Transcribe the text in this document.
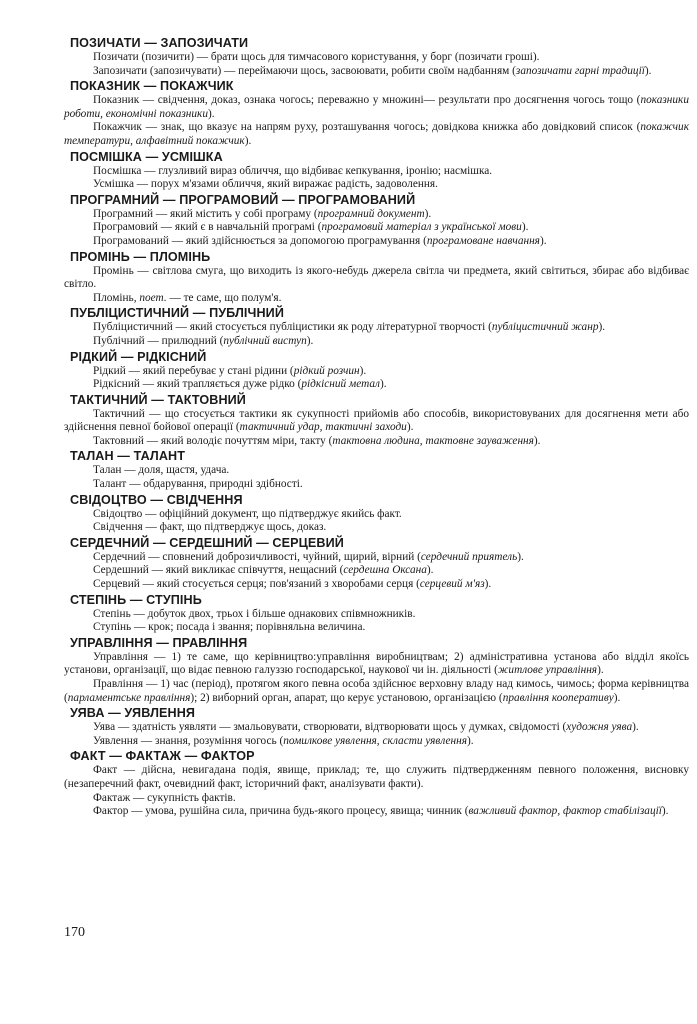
ПОЗИЧАТИ — ЗАПОЗИЧАТИ

Позичати (позичити) — брати щось для тимчасового користування, у борг (позичати гроші).

Запозичати (запозичувати) — переймаючи щось, засвоювати, робити своїм надбанням (запозичати гарні традиції).

ПОКАЗНИК — ПОКАЖЧИК

Показник — свідчення, доказ, ознака чогось; переважно у множині— результати про досягнення чогось тощо (показники роботи, економічні показники).

Покажчик — знак, що вказує на напрям руху, розташування чогось; довідкова книжка або довідковий список (покажчик температури, алфавітний покажчик).

ПОСМІШКА — УСМІШКА

Посмішка — глузливий вираз обличчя, що відбиває кепкування, іронію; насмішка.

Усмішка — порух м'язами обличчя, який виражає радість, задоволення.

ПРОГРАМНИЙ — ПРОГРАМОВИЙ — ПРОГРАМОВАНИЙ

Програмний — який містить у собі програму (програмний документ).

Програмовий — який є в навчальній програмі (програмовий матеріал з української мови).

Програмований — який здійснюється за допомогою програмування (програмоване навчання).

ПРОМІНЬ — ПЛОМІНЬ

Промінь — світлова смуга, що виходить із якого-небудь джерела світла чи предмета, який світиться, збирає або відбиває світло.

Пломінь, поет. — те саме, що полум'я.

ПУБЛІЦИСТИЧНИЙ — ПУБЛІЧНИЙ

Публіцистичний — який стосується публіцистики як роду літературної творчості (публіцистичний жанр).

Публічний — прилюдний (публічний виступ).

РІДКИЙ — РІДКІСНИЙ

Рідкий — який перебуває у стані рідини (рідкий розчин).

Рідкісний — який трапляється дуже рідко (рідкісний метал).

ТАКТИЧНИЙ — ТАКТОВНИЙ

Тактичний — що стосується тактики як сукупності прийомів або способів, використовуваних для досягнення мети або здійснення певної бойової операції (тактичний удар, тактичні заходи).

Тактовний — який володіє почуттям міри, такту (тактовна людина, тактовне зауваження).

ТАЛАН — ТАЛАНТ

Талан — доля, щастя, удача.

Талант — обдарування, природні здібності.

СВІДОЦТВО — СВІДЧЕННЯ

Свідоцтво — офіційний документ, що підтверджує якийсь факт.

Свідчення — факт, що підтверджує щось, доказ.

СЕРДЕЧНИЙ — СЕРДЕШНИЙ — СЕРЦЕВИЙ

Сердечний — сповнений доброзичливості, чуйний, щирий, вірний (сердечний приятель).

Сердешний — який викликає співчуття, нещасний (сердешна Оксана).

Серцевий — який стосується серця; пов'язаний з хворобами серця (серцевий м'яз).

СТЕПІНЬ — СТУПІНЬ

Степінь — добуток двох, трьох і більше однакових співмножників.

Ступінь — крок; посада і звання; порівняльна величина.

УПРАВЛІННЯ — ПРАВЛІННЯ

Управління — 1) те саме, що керівництво:управління виробництвам; 2) адміністративна установа або відділ якоїсь установи, організації, що відає певною галуззю господарської, наукової чи ін. діяльності (житлове управління).

Правління — 1) час (період), протягом якого певна особа здійснює верховну владу над кимось, чимось; форма керівництва (парламентське правління); 2) виборний орган, апарат, що керує установою, організацією (правління кооперативу).

УЯВА — УЯВЛЕННЯ

Уява — здатність уявляти — змальовувати, створювати, відтворювати щось у думках, свідомості (художня уява).

Уявлення — знання, розуміння чогось (помилкове уявлення, скласти уявлення).

ФАКТ — ФАКТАЖ — ФАКТОР

Факт — дійсна, невигадана подія, явище, приклад; те, що служить підтвердженням певного положення, висновку (незаперечний факт, очевидний факт, історичний факт, аналізувати факти).

Фактаж — сукупність фактів.

Фактор — умова, рушійна сила, причина будь-якого процесу, явища; чинник (важливий фактор, фактор стабілізації).

170
